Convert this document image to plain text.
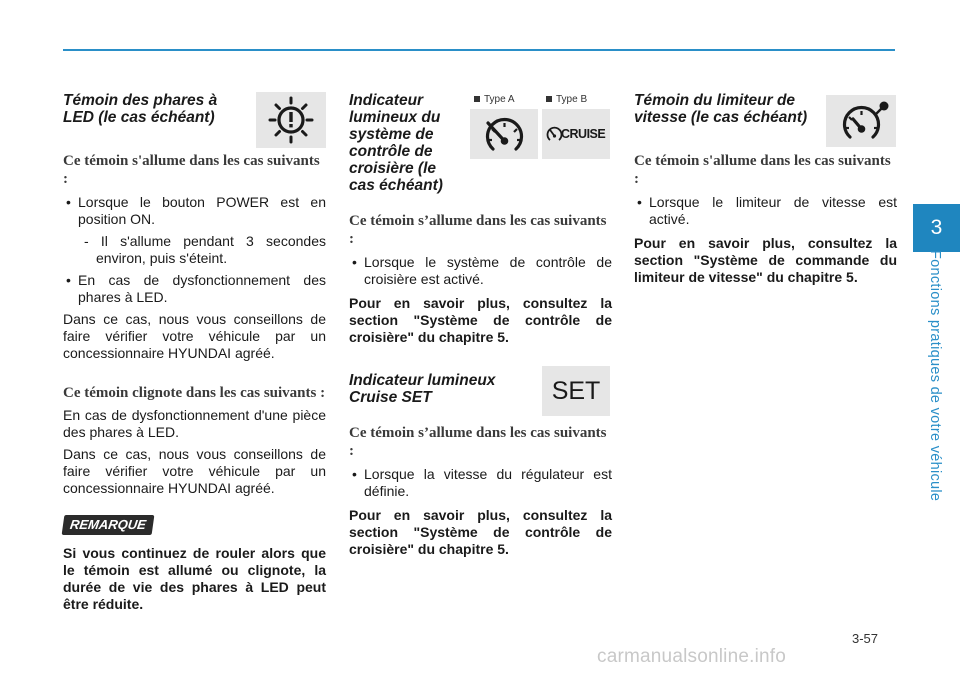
Témoin des phares à LED (le cas échéant)
Ce témoin s'allume dans les cas suivants :
• Lorsque le bouton POWER est en position ON.
- Il s'allume pendant 3 secondes environ, puis s'éteint.
• En cas de dysfonctionnement des phares à LED.
Dans ce cas, nous vous conseillons de faire vérifier votre véhicule par un concessionnaire HYUNDAI agréé.
Ce témoin clignote dans les cas suivants :
En cas de dysfonctionnement d'une pièce des phares à LED.
Dans ce cas, nous vous conseillons de faire vérifier votre véhicule par un concessionnaire HYUNDAI agréé.
REMARQUE
Si vous continuez de rouler alors que le témoin est allumé ou clignote, la durée de vie des phares à LED peut être réduite.
Indicateur lumineux du système de contrôle de croisière (le cas échéant)
Ce témoin s’allume dans les cas suivants :
• Lorsque le système de contrôle de croisière est activé.
Pour en savoir plus, consultez la section "Système de contrôle de croisière" du chapitre 5.
Indicateur lumineux Cruise SET
Ce témoin s’allume dans les cas suivants :
• Lorsque la vitesse du régulateur est définie.
Pour en savoir plus, consultez la section "Système de contrôle de croisière" du chapitre 5.
Type A	Type B
CRUISE
SET
Témoin du limiteur de vitesse (le cas échéant)
Ce témoin s'allume dans les cas suivants :
• Lorsque le limiteur de vitesse est activé.
Pour en savoir plus, consultez la section "Système de commande du limiteur de vitesse" du chapitre 5.
3
Fonctions pratiques de votre véhicule
3-57
carmanualsonline.info
